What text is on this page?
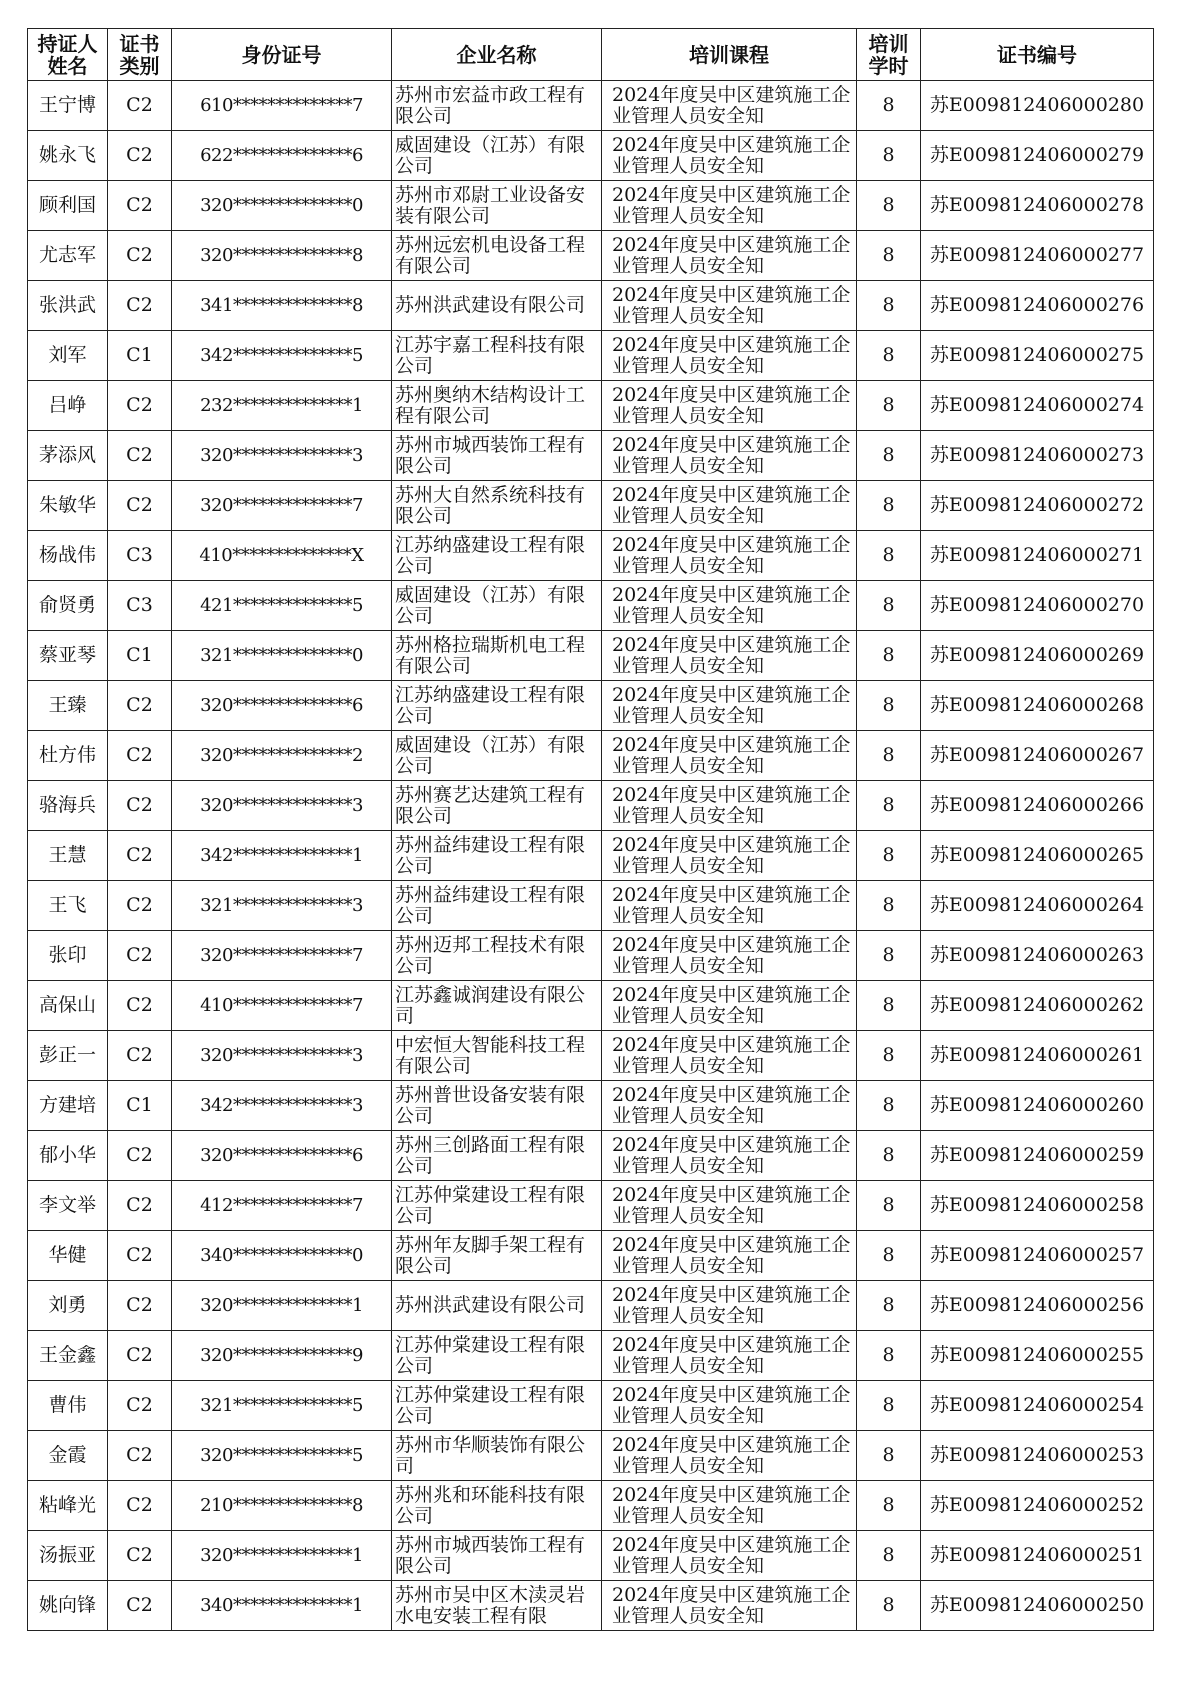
持证人姓名	证书类别	身份证号	企业名称	培训课程	培训学时	证书编号
王宁博	C2	610**************7	苏州市宏益市政工程有限公司	2024年度吴中区建筑施工企业管理人员安全知	8	苏E009812406000280
姚永飞	C2	622**************6	威固建设（江苏）有限公司	2024年度吴中区建筑施工企业管理人员安全知	8	苏E009812406000279
顾利国	C2	320**************0	苏州市邓尉工业设备安装有限公司	2024年度吴中区建筑施工企业管理人员安全知	8	苏E009812406000278
尤志军	C2	320**************8	苏州远宏机电设备工程有限公司	2024年度吴中区建筑施工企业管理人员安全知	8	苏E009812406000277
张洪武	C2	341**************8	苏州洪武建设有限公司	2024年度吴中区建筑施工企业管理人员安全知	8	苏E009812406000276
刘军	C1	342**************5	江苏宇嘉工程科技有限公司	2024年度吴中区建筑施工企业管理人员安全知	8	苏E009812406000275
吕峥	C2	232**************1	苏州奥纳木结构设计工程有限公司	2024年度吴中区建筑施工企业管理人员安全知	8	苏E009812406000274
茅添风	C2	320**************3	苏州市城西装饰工程有限公司	2024年度吴中区建筑施工企业管理人员安全知	8	苏E009812406000273
朱敏华	C2	320**************7	苏州大自然系统科技有限公司	2024年度吴中区建筑施工企业管理人员安全知	8	苏E009812406000272
杨战伟	C3	410**************X	江苏纳盛建设工程有限公司	2024年度吴中区建筑施工企业管理人员安全知	8	苏E009812406000271
俞贤勇	C3	421**************5	威固建设（江苏）有限公司	2024年度吴中区建筑施工企业管理人员安全知	8	苏E009812406000270
蔡亚琴	C1	321**************0	苏州格拉瑞斯机电工程有限公司	2024年度吴中区建筑施工企业管理人员安全知	8	苏E009812406000269
王臻	C2	320**************6	江苏纳盛建设工程有限公司	2024年度吴中区建筑施工企业管理人员安全知	8	苏E009812406000268
杜方伟	C2	320**************2	威固建设（江苏）有限公司	2024年度吴中区建筑施工企业管理人员安全知	8	苏E009812406000267
骆海兵	C2	320**************3	苏州赛艺达建筑工程有限公司	2024年度吴中区建筑施工企业管理人员安全知	8	苏E009812406000266
王慧	C2	342**************1	苏州益纬建设工程有限公司	2024年度吴中区建筑施工企业管理人员安全知	8	苏E009812406000265
王飞	C2	321**************3	苏州益纬建设工程有限公司	2024年度吴中区建筑施工企业管理人员安全知	8	苏E009812406000264
张印	C2	320**************7	苏州迈邦工程技术有限公司	2024年度吴中区建筑施工企业管理人员安全知	8	苏E009812406000263
高保山	C2	410**************7	江苏鑫诚润建设有限公司	2024年度吴中区建筑施工企业管理人员安全知	8	苏E009812406000262
彭正一	C2	320**************3	中宏恒大智能科技工程有限公司	2024年度吴中区建筑施工企业管理人员安全知	8	苏E009812406000261
方建培	C1	342**************3	苏州普世设备安装有限公司	2024年度吴中区建筑施工企业管理人员安全知	8	苏E009812406000260
郁小华	C2	320**************6	苏州三创路面工程有限公司	2024年度吴中区建筑施工企业管理人员安全知	8	苏E009812406000259
李文举	C2	412**************7	江苏仲棠建设工程有限公司	2024年度吴中区建筑施工企业管理人员安全知	8	苏E009812406000258
华健	C2	340**************0	苏州年友脚手架工程有限公司	2024年度吴中区建筑施工企业管理人员安全知	8	苏E009812406000257
刘勇	C2	320**************1	苏州洪武建设有限公司	2024年度吴中区建筑施工企业管理人员安全知	8	苏E009812406000256
王金鑫	C2	320**************9	江苏仲棠建设工程有限公司	2024年度吴中区建筑施工企业管理人员安全知	8	苏E009812406000255
曹伟	C2	321**************5	江苏仲棠建设工程有限公司	2024年度吴中区建筑施工企业管理人员安全知	8	苏E009812406000254
金霞	C2	320**************5	苏州市华顺装饰有限公司	2024年度吴中区建筑施工企业管理人员安全知	8	苏E009812406000253
粘峰光	C2	210**************8	苏州兆和环能科技有限公司	2024年度吴中区建筑施工企业管理人员安全知	8	苏E009812406000252
汤振亚	C2	320**************1	苏州市城西装饰工程有限公司	2024年度吴中区建筑施工企业管理人员安全知	8	苏E009812406000251
姚向锋	C2	340**************1	苏州市吴中区木渎灵岩水电安装工程有限	2024年度吴中区建筑施工企业管理人员安全知	8	苏E009812406000250
